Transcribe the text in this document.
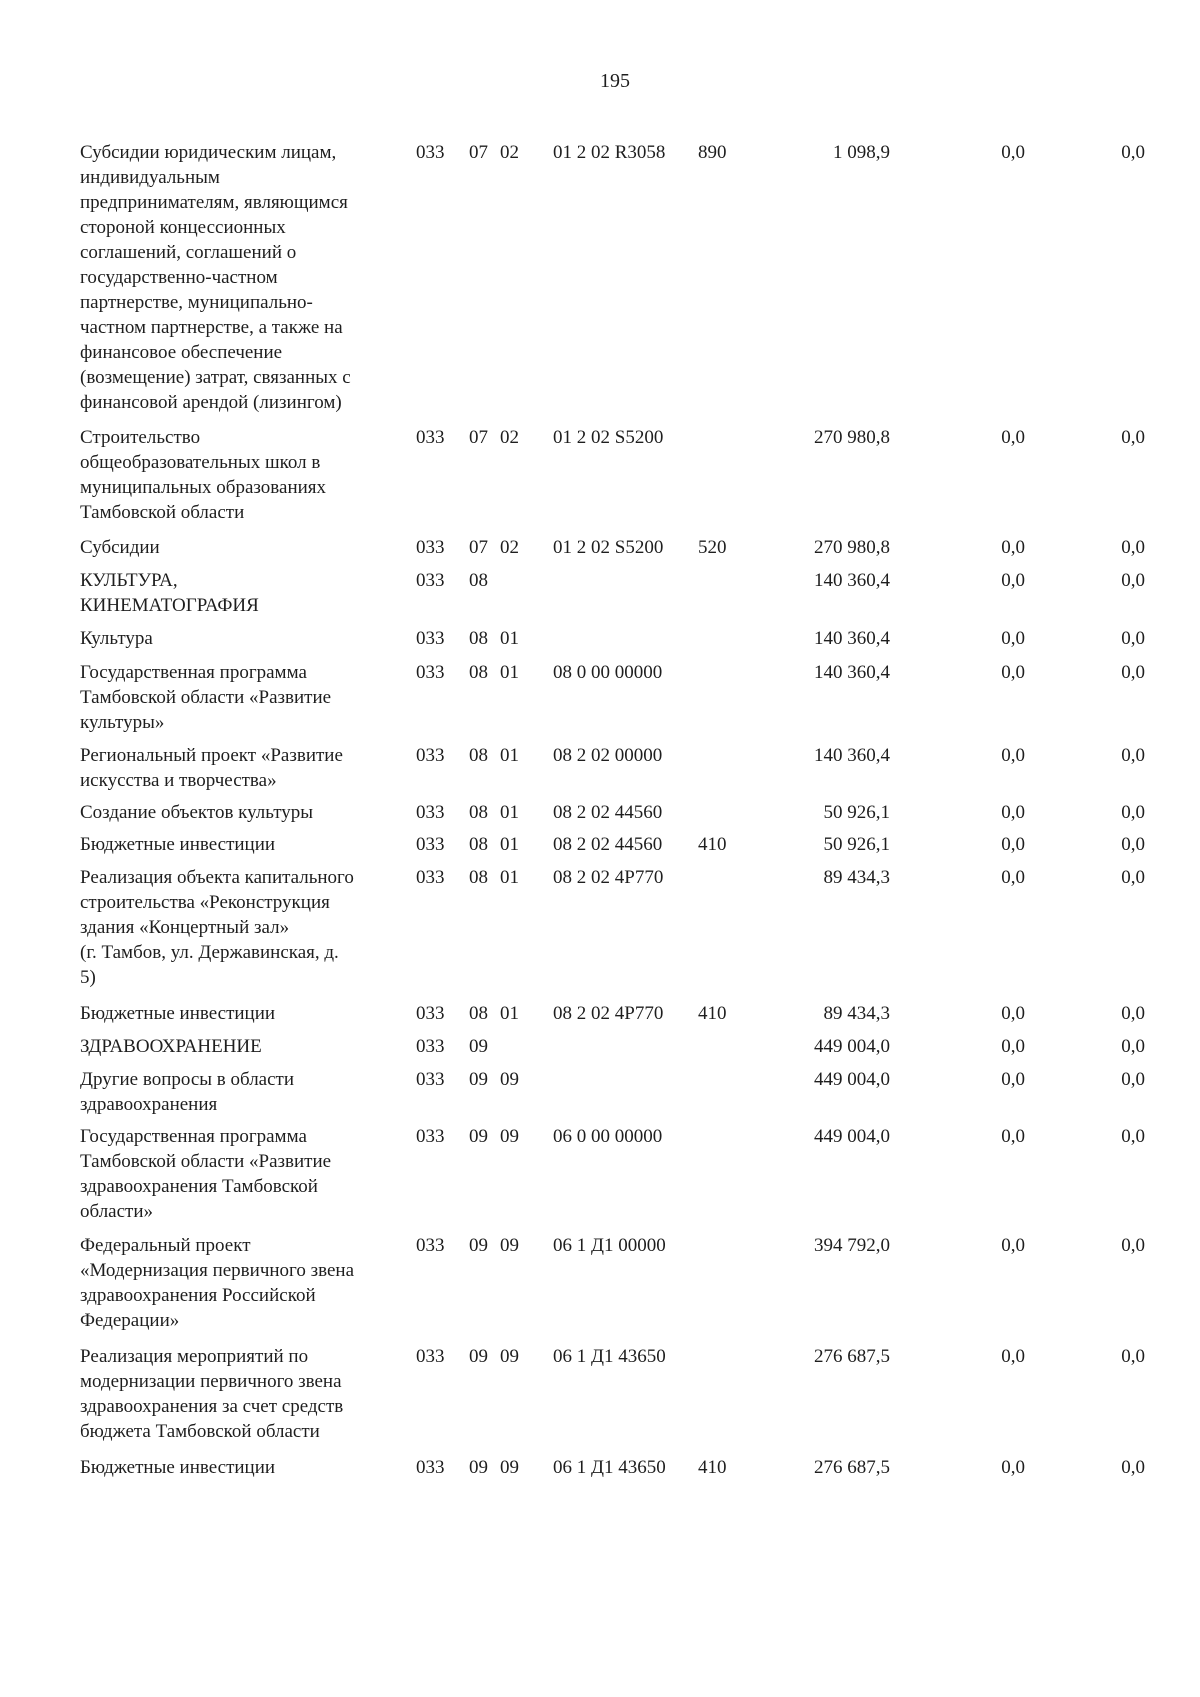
195
Субсидии юридическим лицам,
индивидуальным
предпринимателям, являющимся
стороной концессионных
соглашений, соглашений о
государственно-частном
партнерстве, муниципально-
частном партнерстве, а также на
финансовое обеспечение
(возмещение) затрат, связанных с
финансовой арендой (лизингом)
033	07 02	01 2 02 R3058	890	1 098,9	0,0	0,0
Строительство
общеобразовательных школ в
муниципальных образованиях
Тамбовской области
033	07 02	01 2 02 S5200	270 980,8	0,0	0,0
Субсидии	033	07 02	01 2 02 S5200	520	270 980,8	0,0	0,0
КУЛЬТУРА,
КИНЕМАТОГРАФИЯ
033	08	140 360,4	0,0	0,0
Культура	033	08 01	140 360,4	0,0	0,0
Государственная программа
Тамбовской области «Развитие
культуры»
033	08 01	08 0 00 00000	140 360,4	0,0	0,0
Региональный проект «Развитие
искусства и творчества»
033	08 01	08 2 02 00000	140 360,4	0,0	0,0
Создание объектов культуры	033	08 01	08 2 02 44560	50 926,1	0,0	0,0
Бюджетные инвестиции	033	08 01	08 2 02 44560	410	50 926,1	0,0	0,0
Реализация объекта капитального
строительства «Реконструкция
здания «Концертный зал»
(г. Тамбов, ул. Державинская, д.
5)
033	08 01	08 2 02 4P770	89 434,3	0,0	0,0
Бюджетные инвестиции	033	08 01	08 2 02 4P770	410	89 434,3	0,0	0,0
ЗДРАВООХРАНЕНИЕ	033	09	449 004,0	0,0	0,0
Другие вопросы в области
здравоохранения
033	09 09	449 004,0	0,0	0,0
Государственная программа
Тамбовской области «Развитие
здравоохранения Тамбовской
области»
033	09 09	06 0 00 00000	449 004,0	0,0	0,0
Федеральный проект
«Модернизация первичного звена
здравоохранения Российской
Федерации»
033	09 09	06 1 Д1 00000	394 792,0	0,0	0,0
Реализация мероприятий по
модернизации первичного звена
здравоохранения за счет средств
бюджета Тамбовской области
033	09 09	06 1 Д1 43650	276 687,5	0,0	0,0
Бюджетные инвестиции	033	09 09	06 1 Д1 43650	410	276 687,5	0,0	0,0
